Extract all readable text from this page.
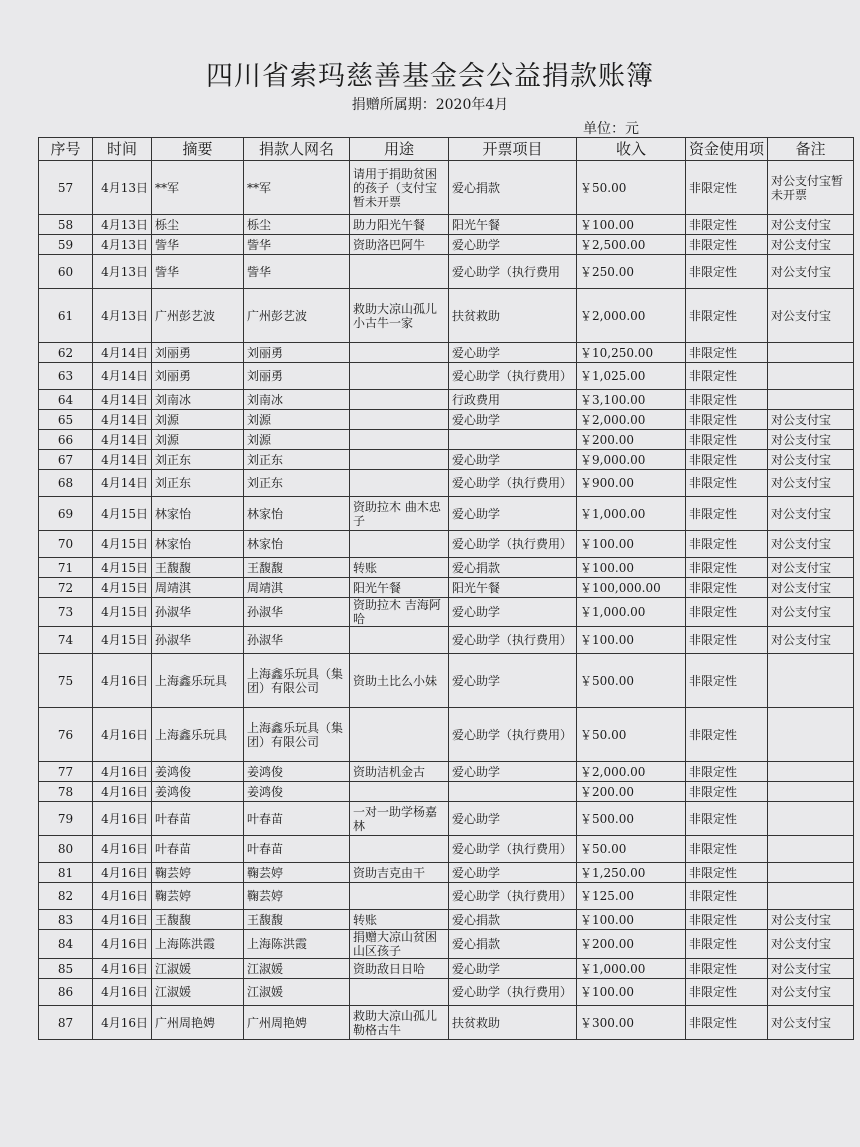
四川省索玛慈善基金会公益捐款账簿
捐赠所属期：2020年4月
单位：元
序号	时间	摘要	捐款人网名	用途	开票项目	收入	资金使用项	备注
57	4月13日	**军	**军	请用于捐助贫困的孩子（支付宝暂未开票	爱心捐款	￥50.00	非限定性	对公支付宝暂未开票
58	4月13日	栎尘	栎尘	助力阳光午餐	阳光午餐	￥100.00	非限定性	对公支付宝
59	4月13日	訾华	訾华	资助洛巴阿牛	爱心助学	￥2,500.00	非限定性	对公支付宝
60	4月13日	訾华	訾华		爱心助学（执行费用	￥250.00	非限定性	对公支付宝
61	4月13日	广州彭艺波	广州彭艺波	救助大凉山孤儿小古牛一家	扶贫救助	￥2,000.00	非限定性	对公支付宝
62	4月14日	刘丽勇	刘丽勇		爱心助学	￥10,250.00	非限定性	
63	4月14日	刘丽勇	刘丽勇		爱心助学（执行费用）	￥1,025.00	非限定性	
64	4月14日	刘南冰	刘南冰		行政费用	￥3,100.00	非限定性	
65	4月14日	刘源	刘源		爱心助学	￥2,000.00	非限定性	对公支付宝
66	4月14日	刘源	刘源			￥200.00	非限定性	对公支付宝
67	4月14日	刘正东	刘正东		爱心助学	￥9,000.00	非限定性	对公支付宝
68	4月14日	刘正东	刘正东		爱心助学（执行费用）	￥900.00	非限定性	对公支付宝
69	4月15日	林家怡	林家怡	资助拉木 曲木忠子	爱心助学	￥1,000.00	非限定性	对公支付宝
70	4月15日	林家怡	林家怡		爱心助学（执行费用）	￥100.00	非限定性	对公支付宝
71	4月15日	王馥馥	王馥馥	转账	爱心捐款	￥100.00	非限定性	对公支付宝
72	4月15日	周靖淇	周靖淇	阳光午餐	阳光午餐	￥100,000.00	非限定性	对公支付宝
73	4月15日	孙淑华	孙淑华	资助拉木 吉海阿哈	爱心助学	￥1,000.00	非限定性	对公支付宝
74	4月15日	孙淑华	孙淑华		爱心助学（执行费用）	￥100.00	非限定性	对公支付宝
75	4月16日	上海鑫乐玩具	上海鑫乐玩具（集团）有限公司	资助土比么小妹	爱心助学	￥500.00	非限定性	
76	4月16日	上海鑫乐玩具	上海鑫乐玩具（集团）有限公司		爱心助学（执行费用）	￥50.00	非限定性	
77	4月16日	姜鸿俊	姜鸿俊	资助洁机金古	爱心助学	￥2,000.00	非限定性	
78	4月16日	姜鸿俊	姜鸿俊			￥200.00	非限定性	
79	4月16日	叶春苗	叶春苗	一对一助学杨嘉林	爱心助学	￥500.00	非限定性	
80	4月16日	叶春苗	叶春苗		爱心助学（执行费用）	￥50.00	非限定性	
81	4月16日	鞠芸婷	鞠芸婷	资助吉克由干	爱心助学	￥1,250.00	非限定性	
82	4月16日	鞠芸婷	鞠芸婷		爱心助学（执行费用）	￥125.00	非限定性	
83	4月16日	王馥馥	王馥馥	转账	爱心捐款	￥100.00	非限定性	对公支付宝
84	4月16日	上海陈洪霞	上海陈洪霞	捐赠大凉山贫困山区孩子	爱心捐款	￥200.00	非限定性	对公支付宝
85	4月16日	江淑媛	江淑媛	资助敌日日哈	爱心助学	￥1,000.00	非限定性	对公支付宝
86	4月16日	江淑媛	江淑媛		爱心助学（执行费用）	￥100.00	非限定性	对公支付宝
87	4月16日	广州周艳娉	广州周艳娉	救助大凉山孤儿勒格古牛	扶贫救助	￥300.00	非限定性	对公支付宝
